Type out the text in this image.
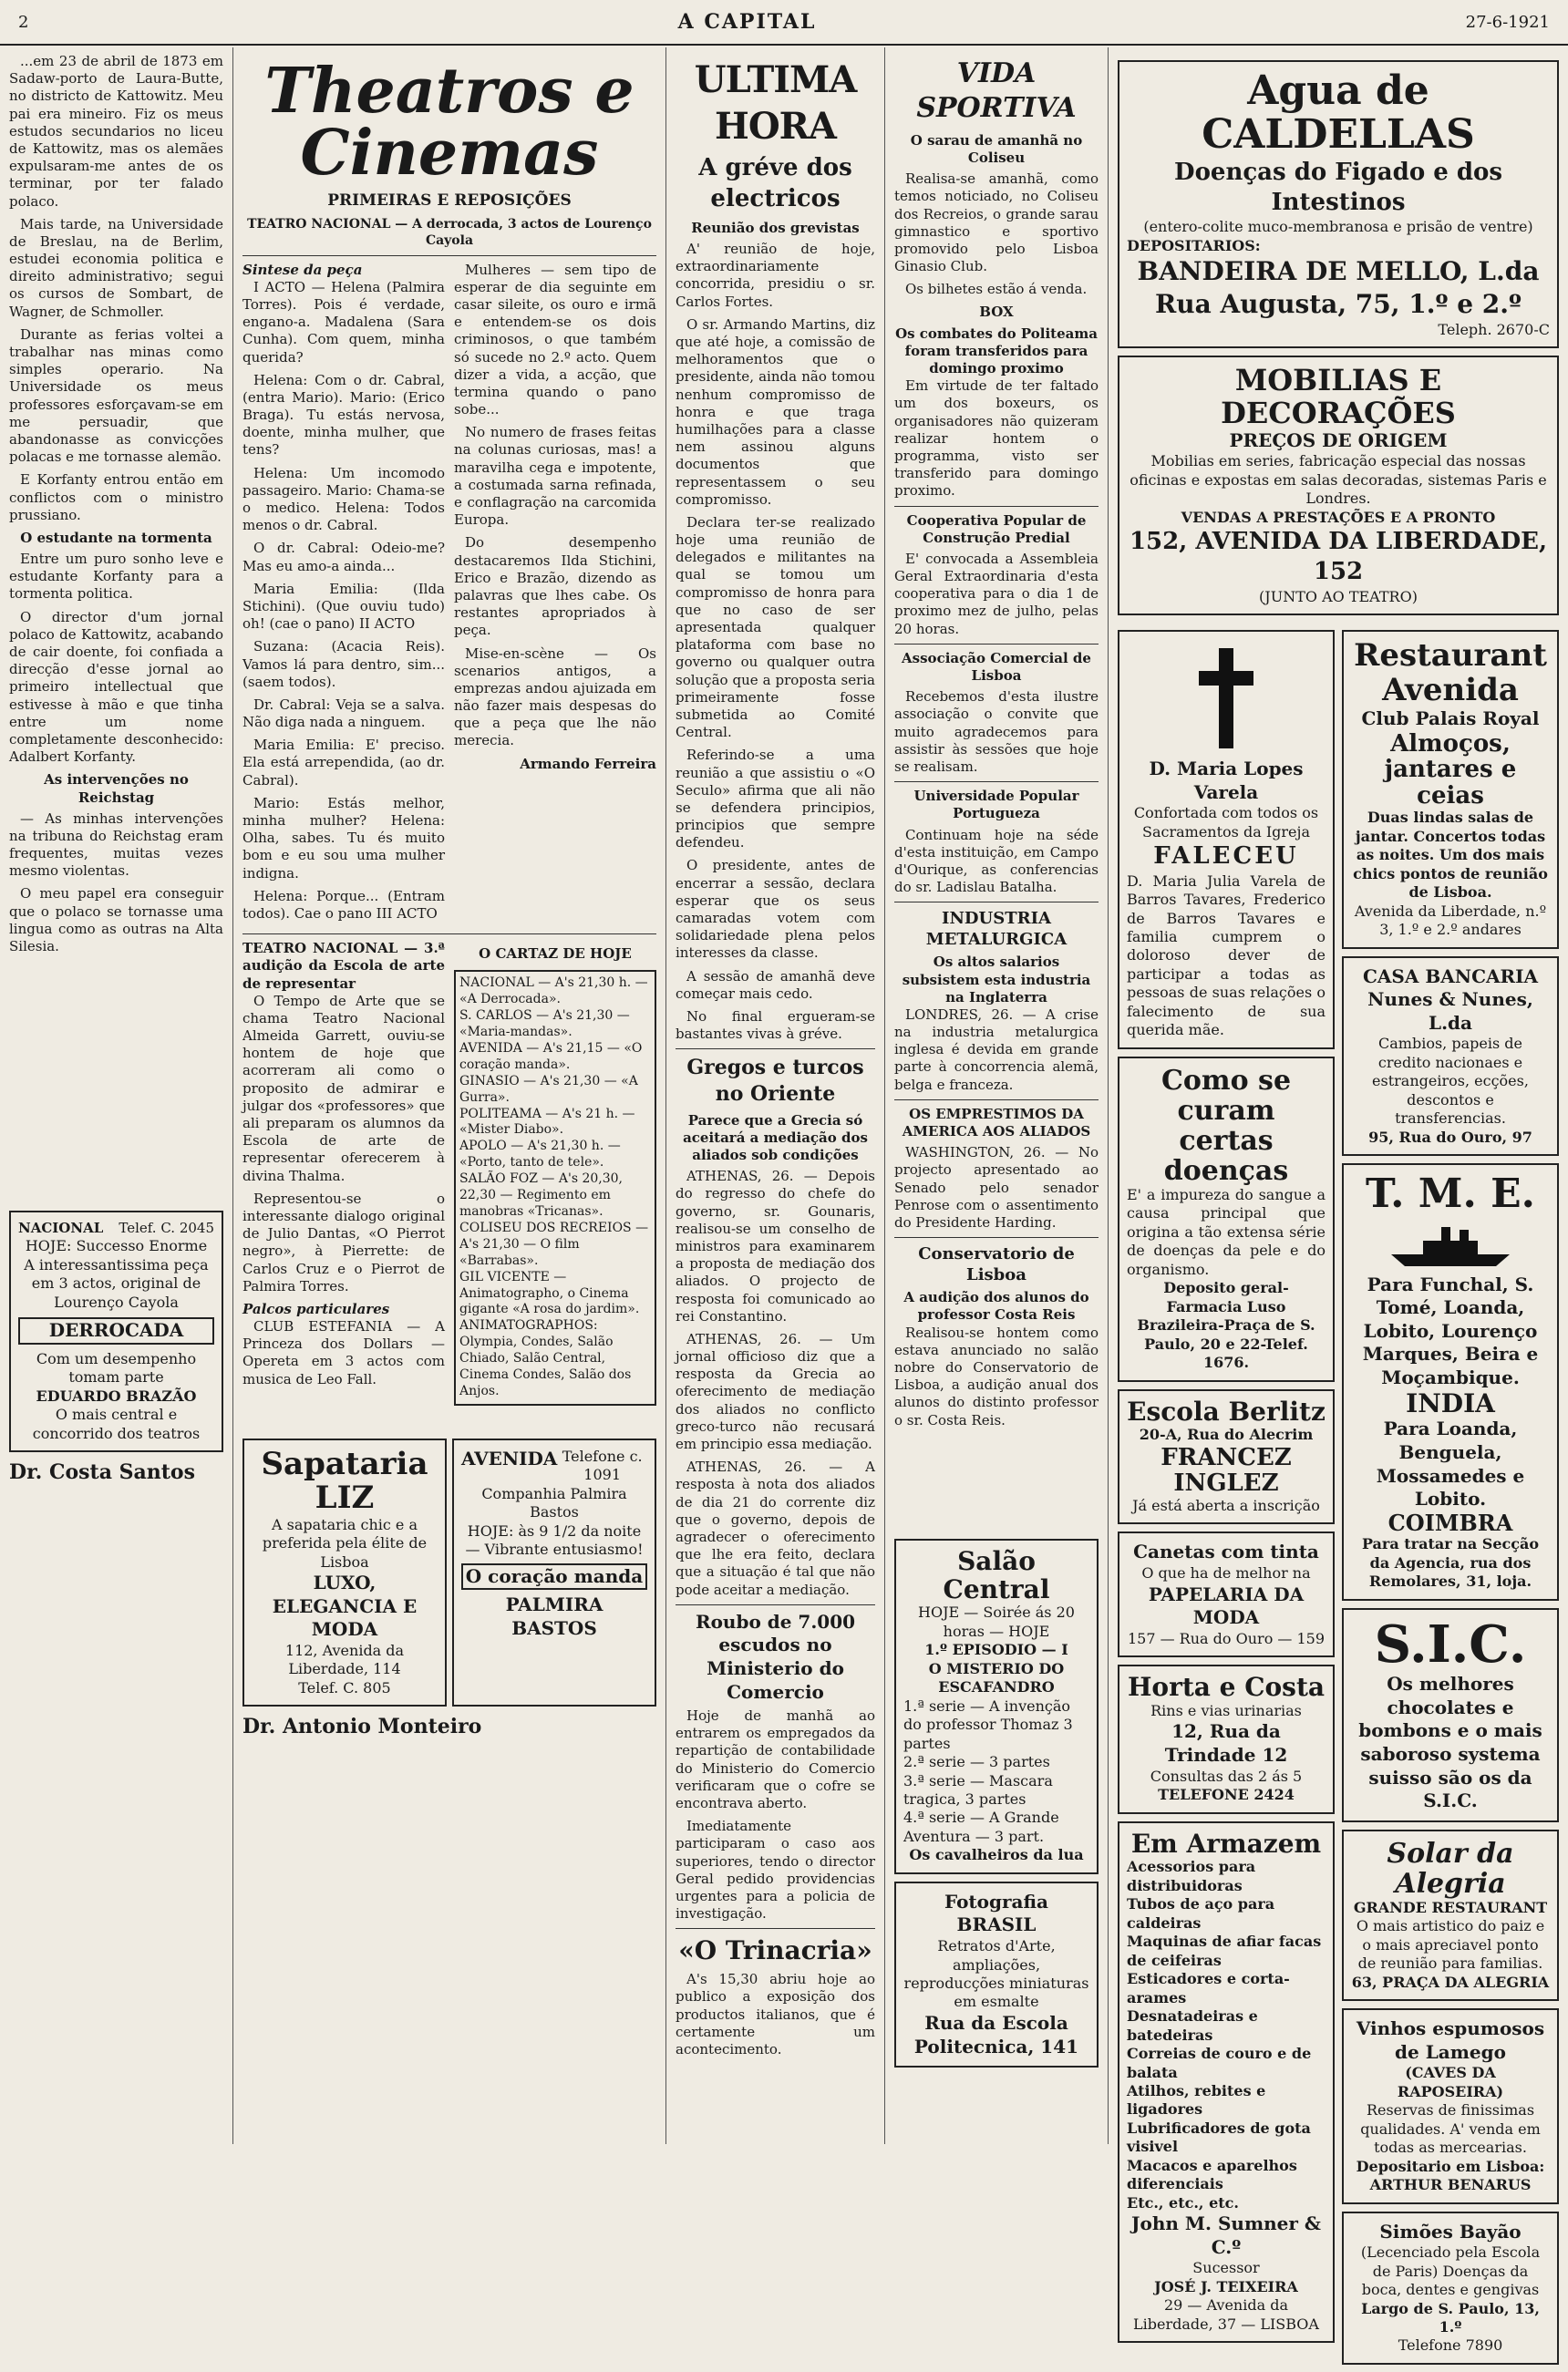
2	A CAPITAL	27-6-1921

...em 23 de abril de 1873 em Sadaw-porto de Laura-Butte, no districto de Kattowitz. Meu pai era mineiro. Fiz os meus estudos secundarios no liceu de Kattowitz, mas os alemães expulsaram-me antes de os terminar, por ter falado polaco.

Mais tarde, na Universidade de Breslau, na de Berlim, estudei economia politica e direito administrativo; segui os cursos de Sombart, de Wagner, de Schmoller.

Durante as ferias voltei a trabalhar nas minas como simples operario. Na Universidade os meus professores esforçavam-se em me persuadir, que abandonasse as convicções polacas e me tornasse alemão.

E Korfanty entrou então em conflictos com o ministro prussiano.

O estudante na tormenta

Entre um puro sonho leve e estudante Korfanty para a tormenta politica.

O director d'um jornal polaco de Kattowitz, acabando de cair doente, foi confiada a direcção d'esse jornal ao primeiro intellectual que estivesse à mão e que tinha entre um nome completamente desconhecido: Adalbert Korfanty.

As intervenções no Reichstag

— As minhas intervenções na tribuna do Reichstag eram frequentes, muitas vezes mesmo violentas.

O meu papel era conseguir que o polaco se tornasse uma lingua como as outras na Alta Silesia.

NACIONAL Telef. C. 2045
HOJE: Successo Enorme
A interessantissima peça em 3 actos, original de Lourenço Cayola
DERROCADA
Com um desempenho tomam parte
EDUARDO BRAZÃO
O mais central e concorrido dos teatros
Dr. Costa Santos
Theatros e Cinemas
PRIMEIRAS E REPOSIÇÕES
TEATRO NACIONAL — A derrocada, 3 actos de Lourenço Cayola
Sintese da peça

I ACTO — Helena (Palmira Torres). Pois é verdade, engano-a. Madalena (Sara Cunha). Com quem, minha querida?

Helena: Com o dr. Cabral, (entra Mario). Mario: (Erico Braga). Tu estás nervosa, doente, minha mulher, que tens?

Helena: Um incomodo passageiro. Mario: Chama-se o medico. Helena: Todos menos o dr. Cabral.

O dr. Cabral: Odeio-me? Mas eu amo-a ainda...

Maria Emilia: (Ilda Stichini). (Que ouviu tudo) oh! (cae o pano) II ACTO

Suzana: (Acacia Reis). Vamos lá para dentro, sim... (saem todos).

Dr. Cabral: Veja se a salva. Não diga nada a ninguem.

Maria Emilia: E' preciso. Ela está arrependida, (ao dr. Cabral).

Mario: Estás melhor, minha mulher? Helena: Olha, sabes. Tu és muito bom e eu sou uma mulher indigna.

Helena: Porque... (Entram todos). Cae o pano III ACTO

Mulheres — sem tipo de esperar de dia seguinte em casar sileite, os ouro e irmã e entendem-se os dois criminosos, o que também só sucede no 2.º acto. Quem dizer a vida, a acção, que termina quando o pano sobe...

No numero de frases feitas na colunas curiosas, mas! a maravilha cega e impotente, a costumada sarna refinada, e conflagração na carcomida Europa.

Do desempenho destacaremos Ilda Stichini, Erico e Brazão, dizendo as palavras que lhes cabe. Os restantes apropriados à peça.

Mise-en-scène — Os scenarios antigos, a emprezas andou ajuizada em não fazer mais despesas do que a peça que lhe não merecia.

Armando Ferreira
TEATRO NACIONAL — 3.ª audição da Escola de arte de representar

O Tempo de Arte que se chama Teatro Nacional Almeida Garrett, ouviu-se hontem de hoje que acorreram ali como o proposito de admirar e julgar dos «professores» que ali preparam os alumnos da Escola de arte de representar oferecerem à divina Thalma.

Representou-se o interessante dialogo original de Julio Dantas, «O Pierrot negro», à Pierrette: de Carlos Cruz e o Pierrot de Palmira Torres.

Palcos particulares

CLUB ESTEFANIA — A Princeza dos Dollars — Opereta em 3 actos com musica de Leo Fall.

O CARTAZ DE HOJE
NACIONAL — A's 21,30 h. — «A Derrocada».
S. CARLOS — A's 21,30 — «Maria-mandas».
AVENIDA — A's 21,15 — «O coração manda».
GINASIO — A's 21,30 — «A Gurra».
POLITEAMA — A's 21 h. — «Mister Diabo».
APOLO — A's 21,30 h. — «Porto, tanto de tele».
SALÃO FOZ — A's 20,30, 22,30 — Regimento em manobras «Tricanas».
COLISEU DOS RECREIOS — A's 21,30 — O film «Barrabas».
GIL VICENTE — Animatographo, o Cinema gigante «A rosa do jardim».
ANIMATOGRAPHOS: Olympia, Condes, Salão Chiado, Salão Central, Cinema Condes, Salão dos Anjos.
Sapataria LIZ
A sapataria chic e a preferida pela élite de Lisboa
LUXO, ELEGANCIA E MODA
112, Avenida da Liberdade, 114
Telef. C. 805
AVENIDA Telefone c. 1091
Companhia Palmira Bastos
HOJE: às 9 1/2 da noite — Vibrante entusiasmo!
O coração manda
PALMIRA BASTOS
Dr. Antonio Monteiro
ULTIMA HORA
A gréve dos electricos
Reunião dos grevistas

A' reunião de hoje, extraordinariamente concorrida, presidiu o sr. Carlos Fortes.

O sr. Armando Martins, diz que até hoje, a comissão de melhoramentos que o presidente, ainda não tomou nenhum compromisso de honra e que traga humilhações para a classe nem assinou alguns documentos que representassem o seu compromisso.

Declara ter-se realizado hoje uma reunião de delegados e militantes na qual se tomou um compromisso de honra para que no caso de ser apresentada qualquer plataforma com base no governo ou qualquer outra solução que a proposta seria primeiramente fosse submetida ao Comité Central.

Referindo-se a uma reunião a que assistiu o «O Seculo» afirma que ali não se defendera principios, principios que sempre defendeu.

O presidente, antes de encerrar a sessão, declara esperar que os seus camaradas votem com solidariedade plena pelos interesses da classe.

A sessão de amanhã deve começar mais cedo.

No final ergueram-se bastantes vivas à gréve.

Gregos e turcos no Oriente
Parece que a Grecia só aceitará a mediação dos aliados sob condições

ATHENAS, 26. — Depois do regresso do chefe do governo, sr. Gounaris, realisou-se um conselho de ministros para examinarem a proposta de mediação dos aliados. O projecto de resposta foi comunicado ao rei Constantino.

ATHENAS, 26. — Um jornal officioso diz que a resposta da Grecia ao oferecimento de mediação dos aliados no conflicto greco-turco não recusará em principio essa mediação.

ATHENAS, 26. — A resposta à nota dos aliados de dia 21 do corrente diz que o governo, depois de agradecer o oferecimento que lhe era feito, declara que a situação é tal que não pode aceitar a mediação.

Roubo de 7.000 escudos no Ministerio do Comercio

Hoje de manhã ao entrarem os empregados da repartição de contabilidade do Ministerio do Comercio verificaram que o cofre se encontrava aberto.

Imediatamente participaram o caso aos superiores, tendo o director Geral pedido providencias urgentes para a policia de investigação.

«O Trinacria»

A's 15,30 abriu hoje ao publico a exposição dos productos italianos, que é certamente um acontecimento.

VIDA SPORTIVA
O sarau de amanhã no Coliseu

Realisa-se amanhã, como temos noticiado, no Coliseu dos Recreios, o grande sarau gimnastico e sportivo promovido pelo Lisboa Ginasio Club.

Os bilhetes estão á venda.

BOX
Os combates do Politeama foram transferidos para domingo proximo

Em virtude de ter faltado um dos boxeurs, os organisadores não quizeram realizar hontem o programma, visto ser transferido para domingo proximo.

Cooperativa Popular de Construção Predial

E' convocada a Assembleia Geral Extraordinaria d'esta cooperativa para o dia 1 de proximo mez de julho, pelas 20 horas.

Associação Comercial de Lisboa

Recebemos d'esta ilustre associação o convite que muito agradecemos para assistir às sessões que hoje se realisam.

Universidade Popular Portugueza

Continuam hoje na séde d'esta instituição, em Campo d'Ourique, as conferencias do sr. Ladislau Batalha.

INDUSTRIA METALURGICA
Os altos salarios subsistem esta industria na Inglaterra

LONDRES, 26. — A crise na industria metalurgica inglesa é devida em grande parte à concorrencia alemã, belga e franceza.

OS EMPRESTIMOS DA AMERICA AOS ALIADOS

WASHINGTON, 26. — No projecto apresentado ao Senado pelo senador Penrose com o assentimento do Presidente Harding.

Conservatorio de Lisboa
A audição dos alunos do professor Costa Reis

Realisou-se hontem como estava anunciado no salão nobre do Conservatorio de Lisboa, a audição anual dos alunos do distinto professor o sr. Costa Reis.

Salão Central
HOJE — Soirée ás 20 horas — HOJE
1.º EPISODIO — I
O MISTERIO DO ESCAFANDRO
1.ª serie — A invenção do professor Thomaz 3 partes
2.ª serie — 3 partes
3.ª serie — Mascara tragica, 3 partes
4.ª serie — A Grande Aventura — 3 part.
Os cavalheiros da lua
Fotografia BRASIL
Retratos d'Arte, ampliações, reproducções miniaturas em esmalte
Rua da Escola Politecnica, 141
Agua de CALDELLAS
Doenças do Figado e dos Intestinos
(entero-colite muco-membranosa e prisão de ventre)
DEPOSITARIOS:
BANDEIRA DE MELLO, L.da
Rua Augusta, 75, 1.º e 2.º
Teleph. 2670-C
MOBILIAS E DECORAÇÕES
PREÇOS DE ORIGEM
Mobilias em series, fabricação especial das nossas oficinas e expostas em salas decoradas, sistemas Paris e Londres.
VENDAS A PRESTAÇÕES E A PRONTO
152, AVENIDA DA LIBERDADE, 152
(JUNTO AO TEATRO)
D. Maria Lopes Varela
Confortada com todos os Sacramentos da Igreja
FALECEU
D. Maria Julia Varela de Barros Tavares, Frederico de Barros Tavares e familia cumprem o doloroso dever de participar a todas as pessoas de suas relações o falecimento de sua querida mãe.
Como se curam certas doenças
E' a impureza do sangue a causa principal que origina a tão extensa série de doenças da pele e do organismo.
Deposito geral-Farmacia Luso Brazileira-Praça de S. Paulo, 20 e 22-Telef. 1676.
Escola Berlitz
20-A, Rua do Alecrim
FRANCEZ
INGLEZ
Já está aberta a inscrição
Canetas com tinta
O que ha de melhor na
PAPELARIA DA MODA
157 — Rua do Ouro — 159
Horta e Costa
Rins e vias urinarias
12, Rua da Trindade 12
Consultas das 2 ás 5
TELEFONE 2424
Em Armazem
Acessorios para distribuidoras
Tubos de aço para caldeiras
Maquinas de afiar facas de ceifeiras
Esticadores e corta-arames
Desnatadeiras e batedeiras
Correias de couro e de balata
Atilhos, rebites e ligadores
Lubrificadores de gota visivel
Macacos e aparelhos diferenciais
Etc., etc., etc.
John M. Sumner & C.º
Sucessor
JOSÉ J. TEIXEIRA
29 — Avenida da Liberdade, 37 — LISBOA
Restaurant Avenida
Club Palais Royal
Almoços, jantares e ceias
Duas lindas salas de jantar. Concertos todas as noites. Um dos mais chics pontos de reunião de Lisboa.
Avenida da Liberdade, n.º 3, 1.º e 2.º andares
CASA BANCARIA
Nunes & Nunes, L.da
Cambios, papeis de credito nacionaes e estrangeiros, ecções, descontos e transferencias.
95, Rua do Ouro, 97
T. M. E.
Para Funchal, S. Tomé, Loanda, Lobito, Lourenço Marques, Beira e Moçambique.
INDIA
Para Loanda, Benguela, Mossamedes e Lobito.
COIMBRA
Para tratar na Secção da Agencia, rua dos Remolares, 31, loja.
S.I.C.
Os melhores chocolates e bombons e o mais saboroso systema suisso são os da S.I.C.
Solar da Alegria
GRANDE RESTAURANT
O mais artistico do paiz e o mais apreciavel ponto de reunião para familias.
63, PRAÇA DA ALEGRIA
Vinhos espumosos de Lamego
(CAVES DA RAPOSEIRA)
Reservas de finissimas qualidades. A' venda em todas as mercearias.
Depositario em Lisboa: ARTHUR BENARUS
Simões Bayão
(Lecenciado pela Escola de Paris) Doenças da boca, dentes e gengivas
Largo de S. Paulo, 13, 1.º
Telefone 7890
